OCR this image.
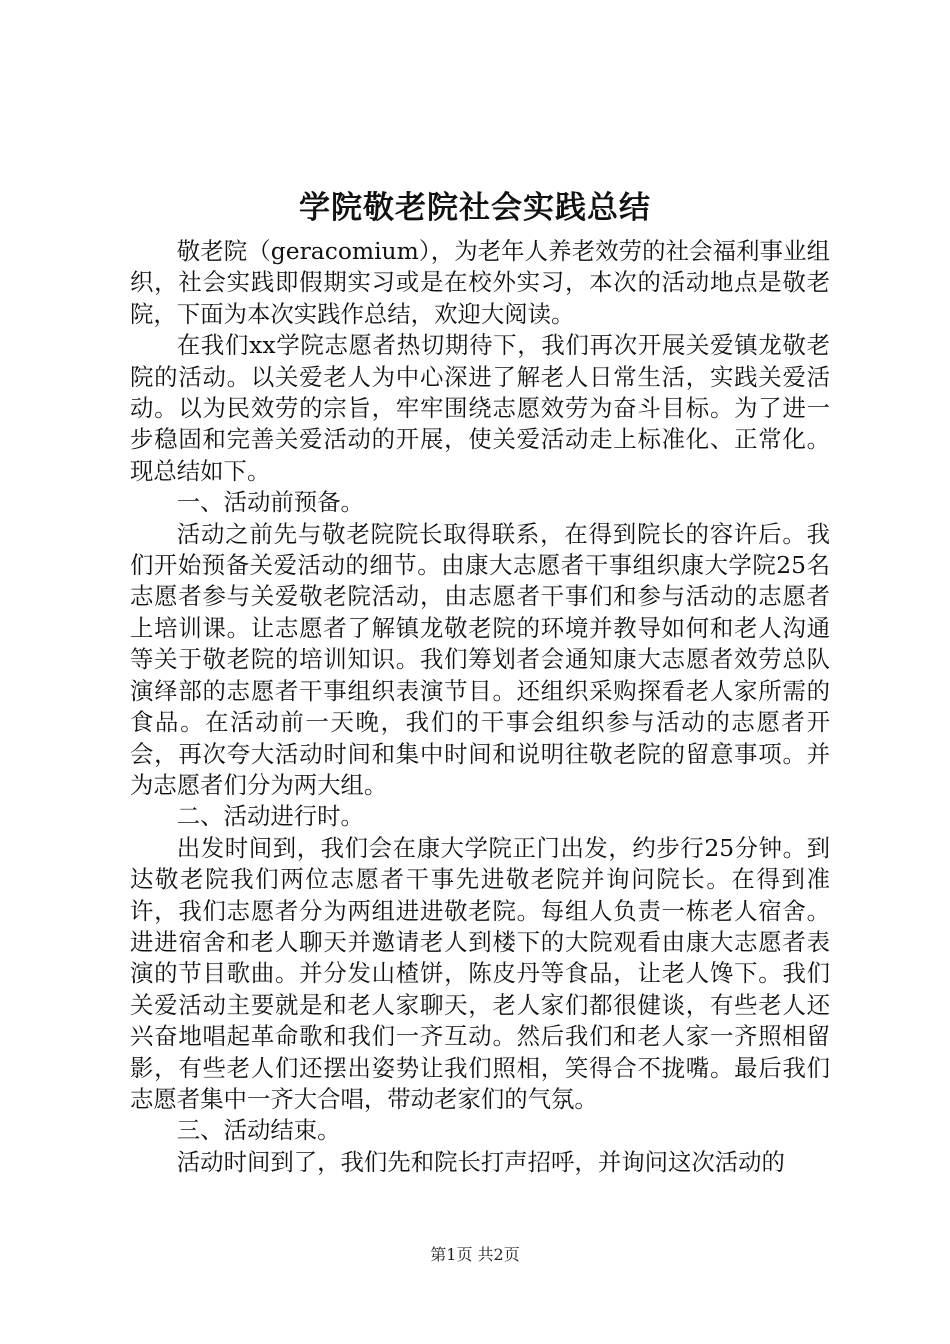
学院敬老院社会实践总结

敬老院（geracomium），为老年人养老效劳的社会福利事业组织，社会实践即假期实习或是在校外实习，本次的活动地点是敬老院，下面为本次实践作总结，欢迎大阅读。

在我们xx学院志愿者热切期待下，我们再次开展关爱镇龙敬老院的活动。以关爱老人为中心深进了解老人日常生活，实践关爱活动。以为民效劳的宗旨，牢牢围绕志愿效劳为奋斗目标。为了进一步稳固和完善关爱活动的开展，使关爱活动走上标准化、正常化。现总结如下。

一、活动前预备。

活动之前先与敬老院院长取得联系，在得到院长的容许后。我们开始预备关爱活动的细节。由康大志愿者干事组织康大学院25名志愿者参与关爱敬老院活动，由志愿者干事们和参与活动的志愿者上培训课。让志愿者了解镇龙敬老院的环境并教导如何和老人沟通等关于敬老院的培训知识。我们筹划者会通知康大志愿者效劳总队演绎部的志愿者干事组织表演节目。还组织采购探看老人家所需的食品。在活动前一天晚，我们的干事会组织参与活动的志愿者开会，再次夸大活动时间和集中时间和说明往敬老院的留意事项。并为志愿者们分为两大组。

二、活动进行时。

出发时间到，我们会在康大学院正门出发，约步行25分钟。到达敬老院我们两位志愿者干事先进敬老院并询问院长。在得到准许，我们志愿者分为两组进进敬老院。每组人负责一栋老人宿舍。进进宿舍和老人聊天并邀请老人到楼下的大院观看由康大志愿者表演的节目歌曲。并分发山楂饼，陈皮丹等食品，让老人馋下。我们关爱活动主要就是和老人家聊天，老人家们都很健谈，有些老人还兴奋地唱起革命歌和我们一齐互动。然后我们和老人家一齐照相留影，有些老人们还摆出姿势让我们照相，笑得合不拢嘴。最后我们志愿者集中一齐大合唱，带动老家们的气氛。

三、活动结束。

活动时间到了，我们先和院长打声招呼，并询问这次活动的

第1页 共2页
